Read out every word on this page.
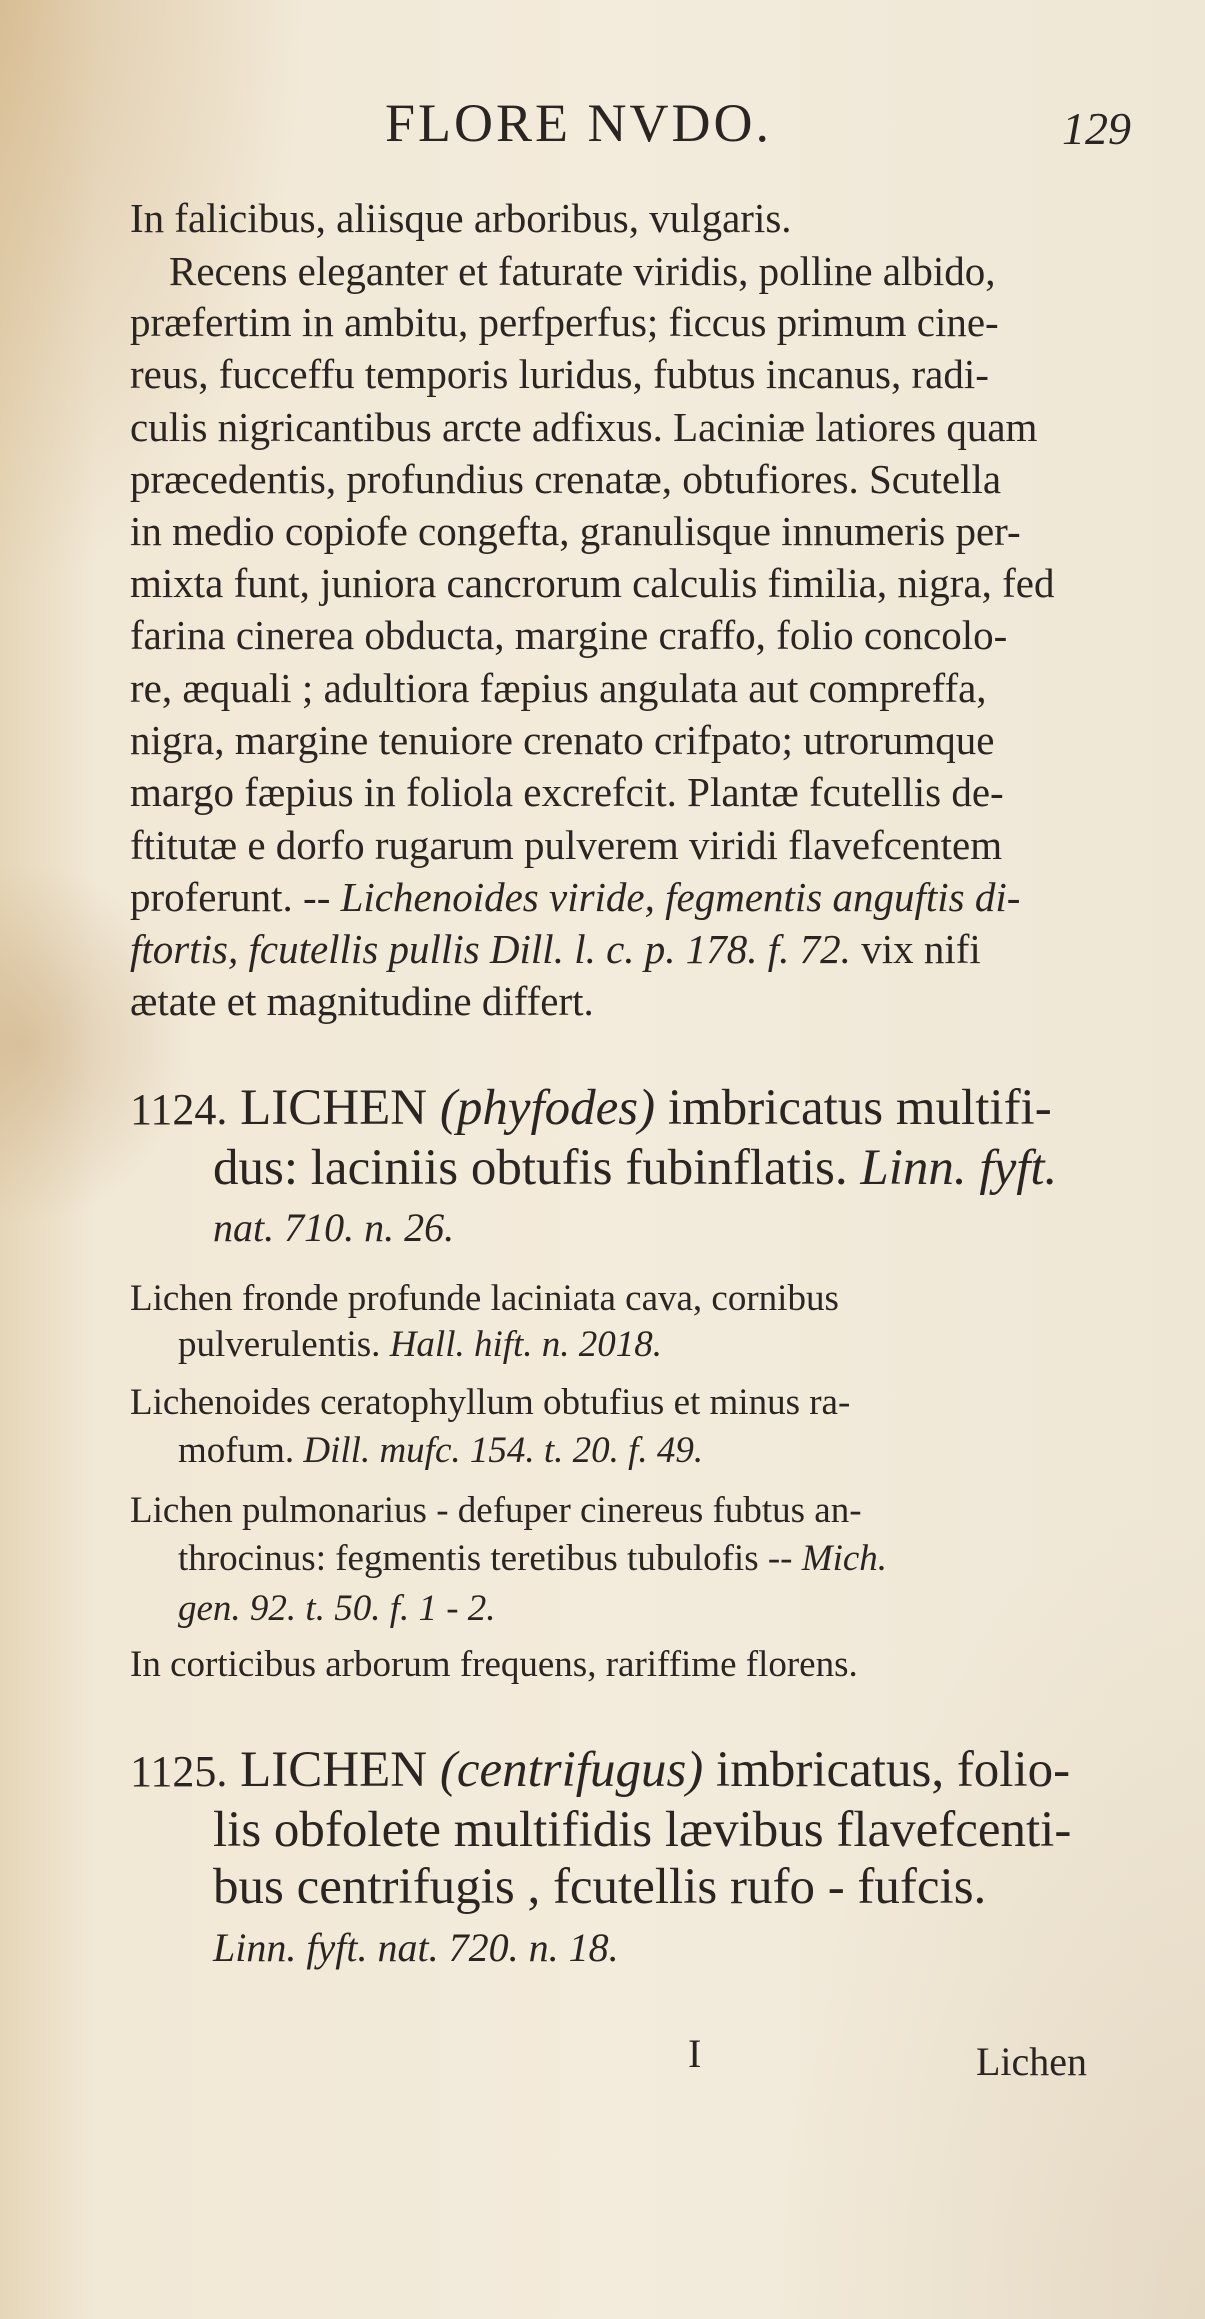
FLORE NVDO.	129
In falicibus, aliisque arboribus, vulgaris.
Recens eleganter et faturate viridis, polline albido,
præfertim in ambitu, perfperfus; ficcus primum cine-
reus, fucceffu temporis luridus, fubtus incanus, radi-
culis nigricantibus arcte adfixus. Laciniæ latiores quam
præcedentis, profundius crenatæ, obtufiores. Scutella
in medio copiofe congefta, granulisque innumeris per-
mixta funt, juniora cancrorum calculis fimilia, nigra, fed
farina cinerea obducta, margine craffo, folio concolo-
re, æquali ; adultiora fæpius angulata aut compreffa,
nigra, margine tenuiore crenato crifpato; utrorumque
margo fæpius in foliola excrefcit. Plantæ fcutellis de-
ftitutæ e dorfo rugarum pulverem viridi flavefcentem
proferunt. -- Lichenoides viride, fegmentis anguftis di-
ftortis, fcutellis pullis Dill. l. c. p. 178. f. 72. vix nifi
ætate et magnitudine differt.
1124. LICHEN (phyfodes) imbricatus multifi-
dus: laciniis obtufis fubinflatis. Linn. fyft.
nat. 710. n. 26.
Lichen fronde profunde laciniata cava, cornibus
pulverulentis. Hall. hift. n. 2018.
Lichenoides ceratophyllum obtufius et minus ra-
mofum. Dill. mufc. 154. t. 20. f. 49.
Lichen pulmonarius - defuper cinereus fubtus an-
throcinus: fegmentis teretibus tubulofis -- Mich.
gen. 92. t. 50. f. 1 - 2.
In corticibus arborum frequens, rariffime florens.
1125. LICHEN (centrifugus) imbricatus, folio-
lis obfolete multifidis lævibus flavefcenti-
bus centrifugis , fcutellis rufo - fufcis.
Linn. fyft. nat. 720. n. 18.
I	Lichen
